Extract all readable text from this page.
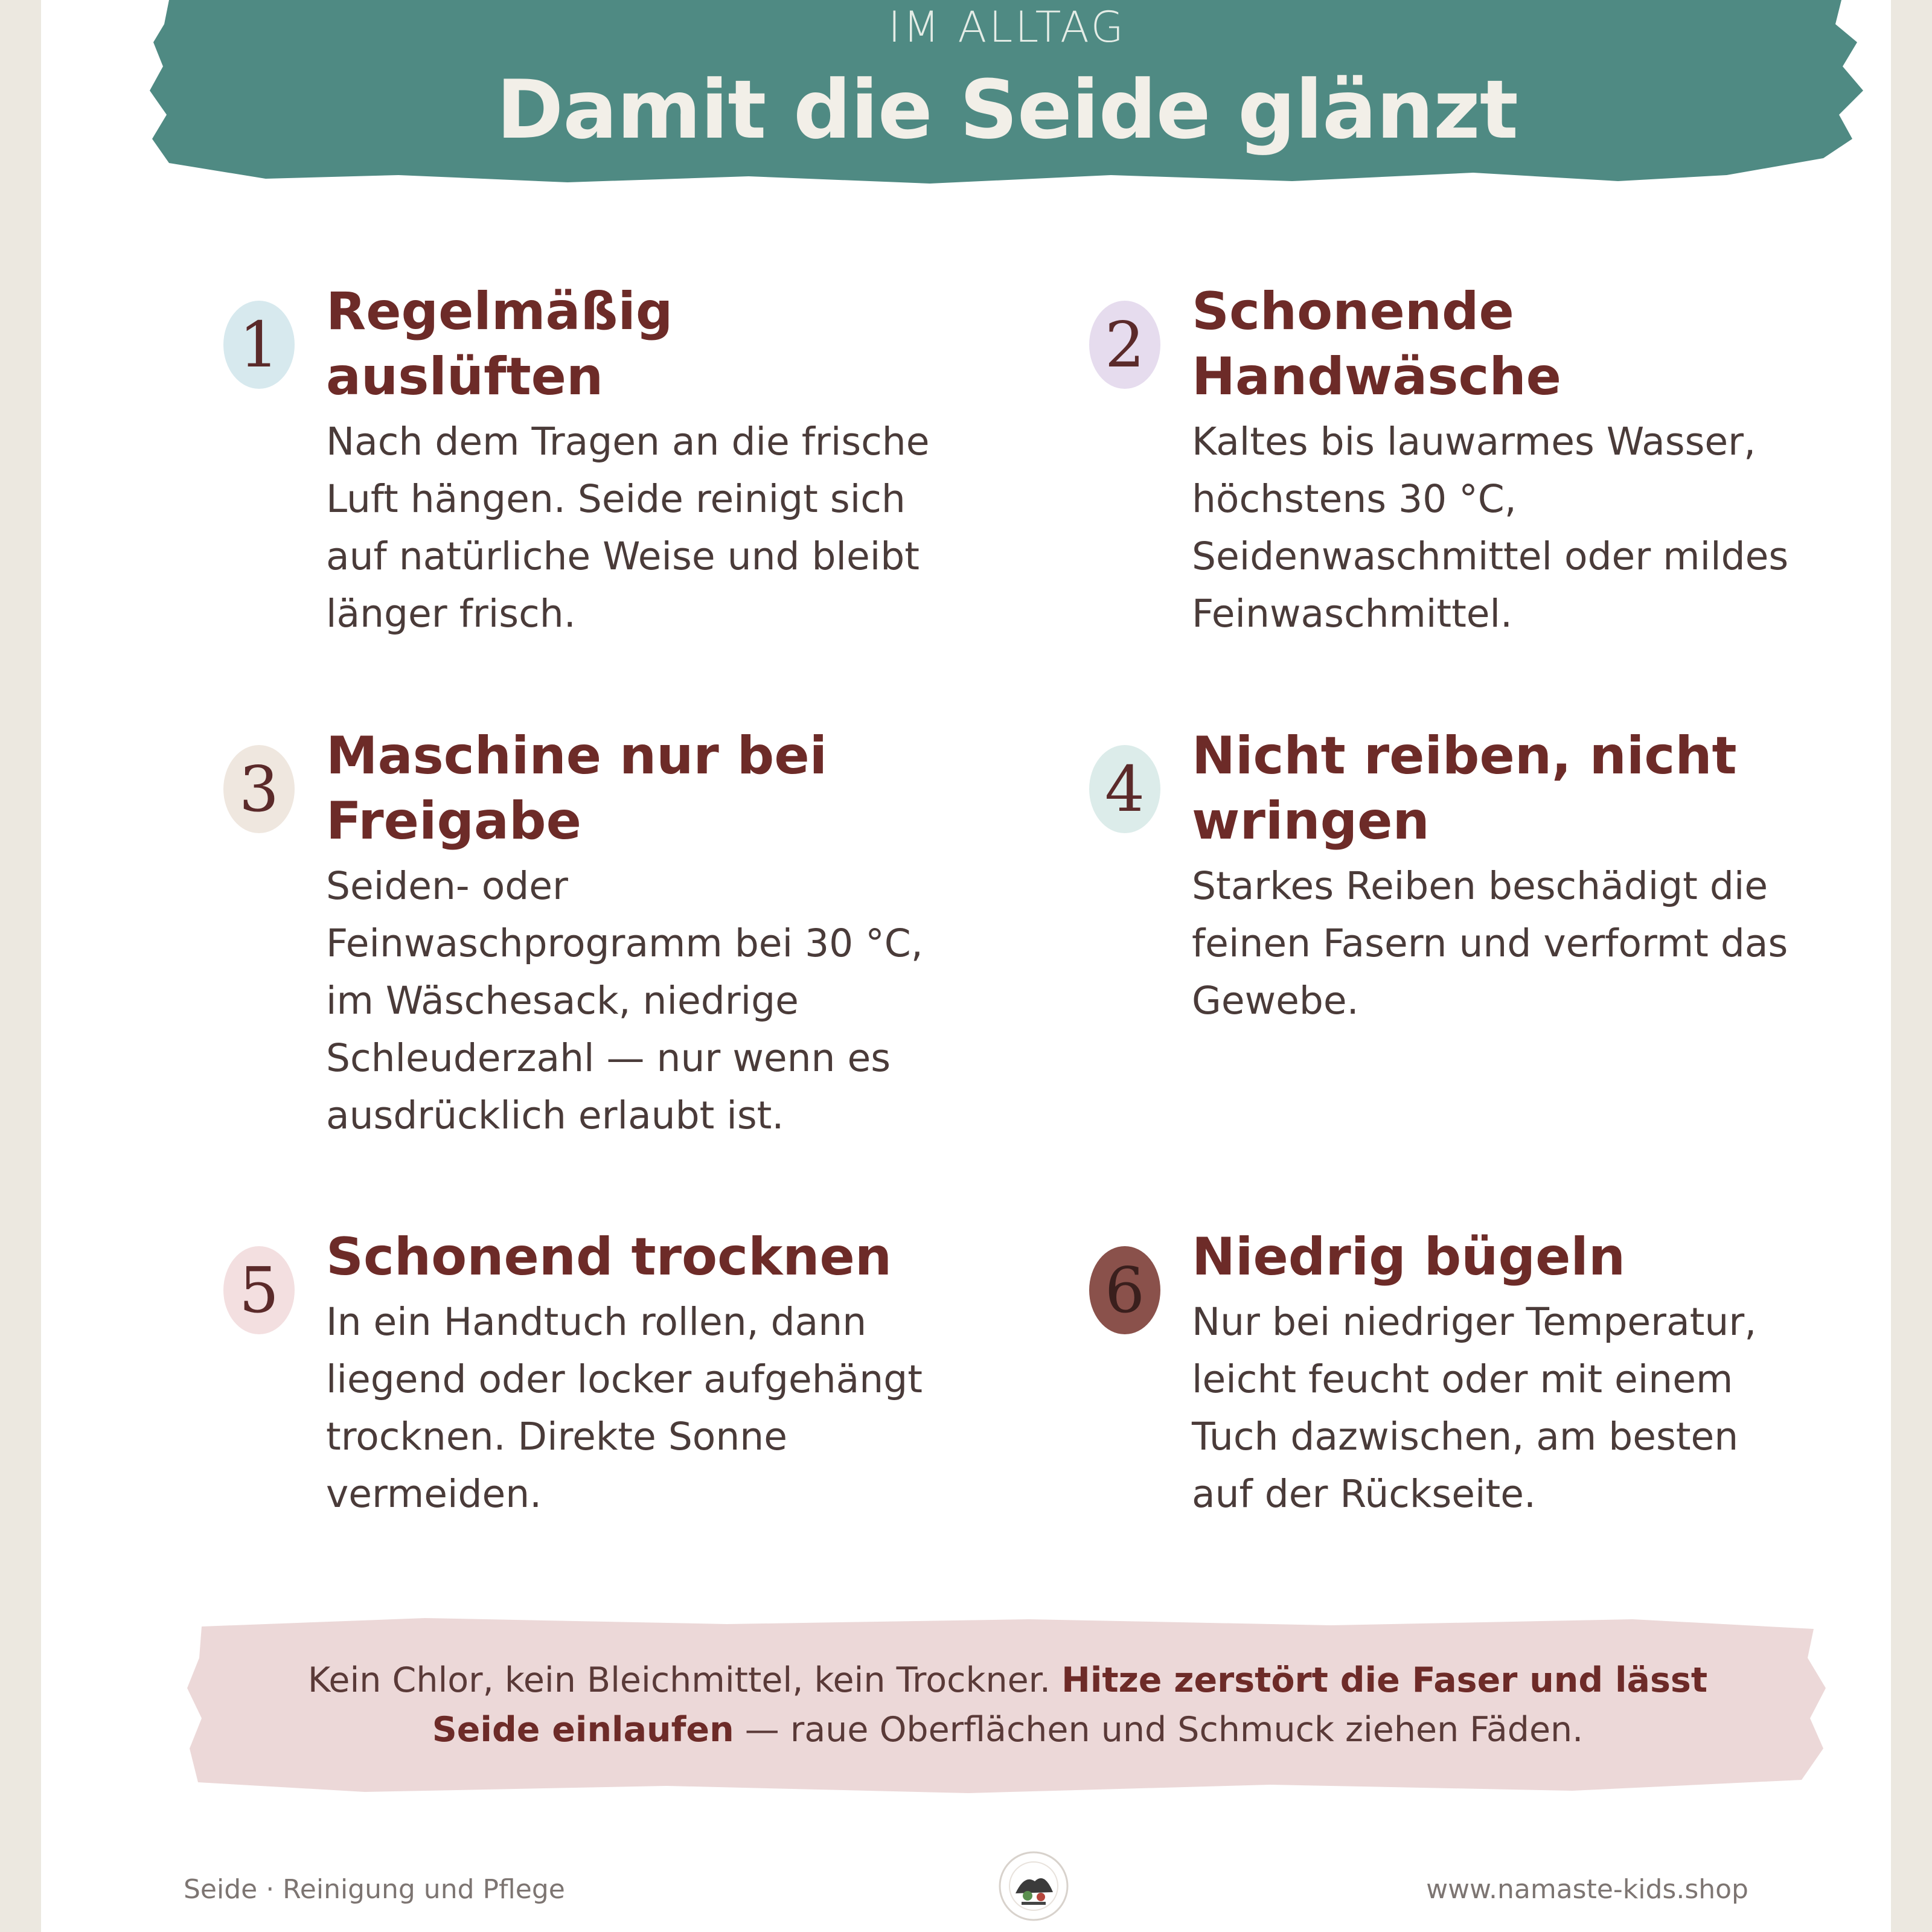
IM ALLTAG
Damit die Seide glänzt
1 Regelmäßig auslüften

Nach dem Tragen an die frische Luft hängen. Seide reinigt sich auf natürliche Weise und bleibt länger frisch.

2 Schonende Handwäsche

Kaltes bis lauwarmes Wasser, höchstens 30 °C, Seidenwaschmittel oder mildes Feinwaschmittel.

3 Maschine nur bei Freigabe

Seiden- oder Feinwaschprogramm bei 30 °C, im Wäschesack, niedrige Schleuderzahl — nur wenn es ausdrücklich erlaubt ist.

4 Nicht reiben, nicht wringen

Starkes Reiben beschädigt die feinen Fasern und verformt das Gewebe.

5 Schonend trocknen

In ein Handtuch rollen, dann liegend oder locker aufgehängt trocknen. Direkte Sonne vermeiden.

6 Niedrig bügeln

Nur bei niedriger Temperatur, leicht feucht oder mit einem Tuch dazwischen, am besten auf der Rückseite.

Kein Chlor, kein Bleichmittel, kein Trockner. Hitze zerstört die Faser und lässt Seide einlaufen — raue Oberflächen und Schmuck ziehen Fäden.
Seide · Reinigung und Pflege	www.namaste-kids.shop
